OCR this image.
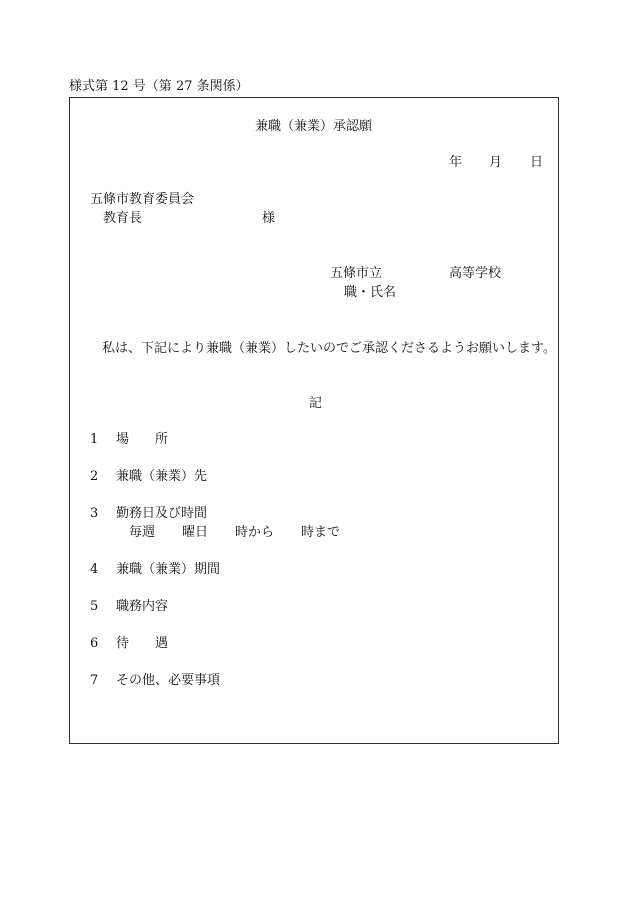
様式第 12 号（第 27 条関係）
兼職（兼業）承認願
年 月 日
五條市教育委員会
教育長	様
五條市立	高等学校
職・氏名
私は、下記により兼職（兼業）したいのでご承認くださるようお願いします。
記
1 場　　所
2 兼職（兼業）先
3 勤務日及び時間
毎週 曜日 時から 時まで
4 兼職（兼業）期間
5 職務内容
6 待　　遇
7 その他、必要事項
